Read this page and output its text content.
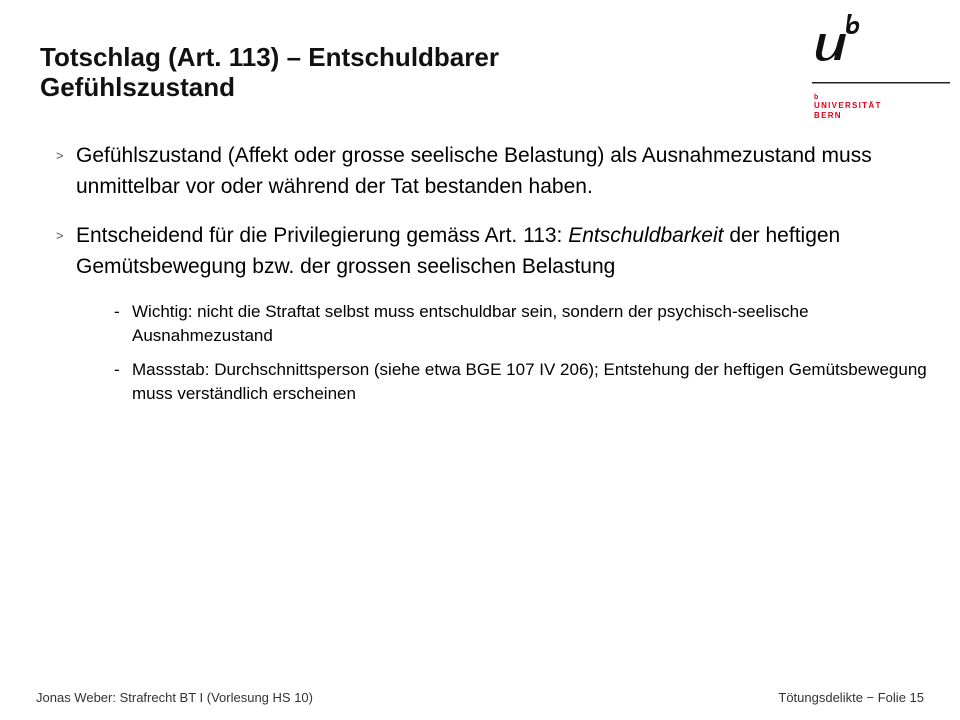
Totschlag (Art. 113) – Entschuldbarer
Gefühlszustand	b
UNIVERSITÄT
BERN
> Gefühlszustand (Affekt oder grosse seelische Belastung) als Ausnahmezustand muss unmittelbar vor oder während der Tat bestanden haben.
> Entscheidend für die Privilegierung gemäss Art. 113: Entschuldbarkeit der heftigen Gemütsbewegung bzw. der grossen seelischen Belastung
- Wichtig: nicht die Straftat selbst muss entschuldbar sein, sondern der psychisch-seelische Ausnahmezustand
- Massstab: Durchschnittsperson (siehe etwa BGE 107 IV 206); Entstehung der heftigen Gemütsbewegung muss verständlich erscheinen
Jonas Weber: Strafrecht BT I (Vorlesung HS 10)	Tötungsdelikte − Folie 15
